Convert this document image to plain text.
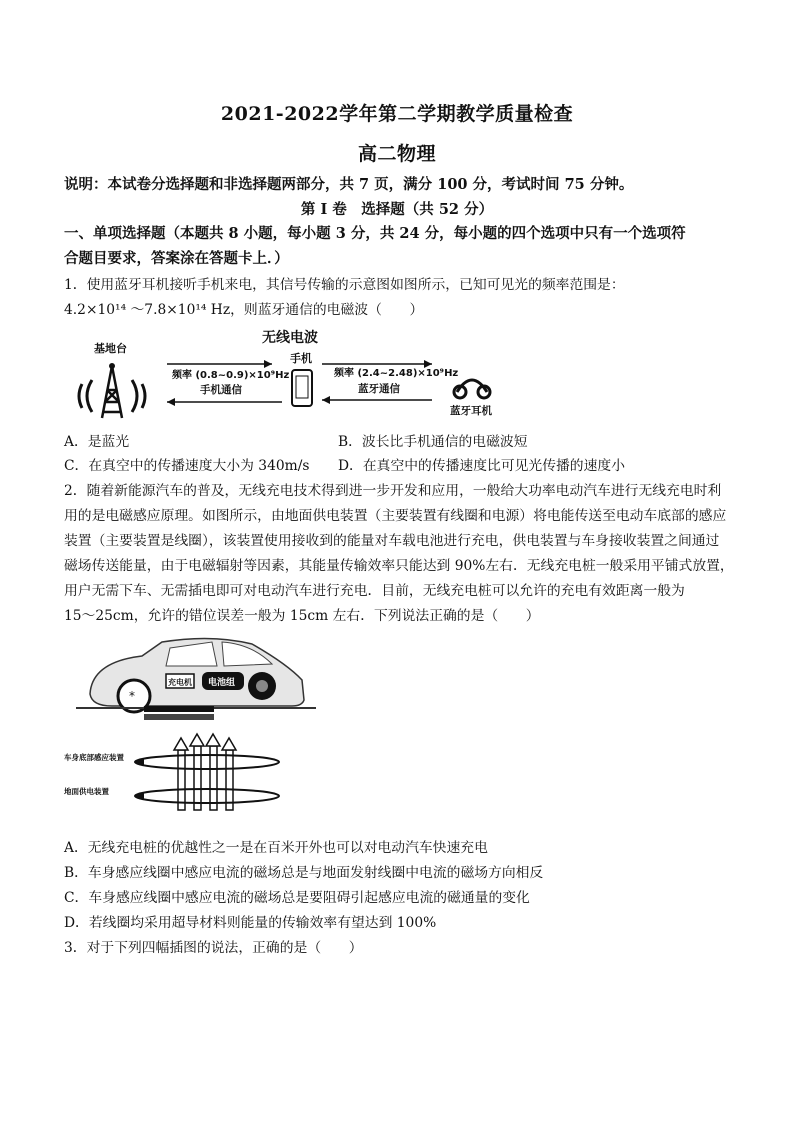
2021-2022学年第二学期教学质量检查
高二物理
说明：本试卷分选择题和非选择题两部分，共 7 页，满分 100 分，考试时间 75 分钟。
第 I 卷　选择题（共 52 分）
一、单项选择题（本题共 8 小题，每小题 3 分，共 24 分，每小题的四个选项中只有一个选项符
合题目要求，答案涂在答题卡上．）
1．使用蓝牙耳机接听手机来电，其信号传输的示意图如图所示，已知可见光的频率范围是：
4.2×10¹⁴ ～7.8×10¹⁴ Hz，则蓝牙通信的电磁波（　　）
无线电波
基地台
频率 (0.8~0.9)×10⁹Hz
手机通信
手机
频率 (2.4~2.48)×10⁹Hz
蓝牙通信
蓝牙耳机
A．是蓝光	B．波长比手机通信的电磁波短
C．在真空中的传播速度大小为 340m/s D．在真空中的传播速度比可见光传播的速度小
2．随着新能源汽车的普及，无线充电技术得到进一步开发和应用，一般给大功率电动汽车进行无线充电时利
用的是电磁感应原理。如图所示，由地面供电装置（主要装置有线圈和电源）将电能传送至电动车底部的感应
装置（主要装置是线圈），该装置使用接收到的能量对车载电池进行充电，供电装置与车身接收装置之间通过
磁场传送能量，由于电磁辐射等因素，其能量传输效率只能达到 90%左右．无线充电桩一般采用平铺式放置，
用户无需下车、无需插电即可对电动汽车进行充电．目前，无线充电桩可以允许的充电有效距离一般为
15～25cm，允许的错位误差一般为 15cm 左右．下列说法正确的是（　　）
*
充电机 电池组
车身底部感应装置
地面供电装置
A．无线充电桩的优越性之一是在百米开外也可以对电动汽车快速充电
B．车身感应线圈中感应电流的磁场总是与地面发射线圈中电流的磁场方向相反
C．车身感应线圈中感应电流的磁场总是要阻碍引起感应电流的磁通量的变化
D．若线圈均采用超导材料则能量的传输效率有望达到 100%
3．对于下列四幅插图的说法，正确的是（　　）
